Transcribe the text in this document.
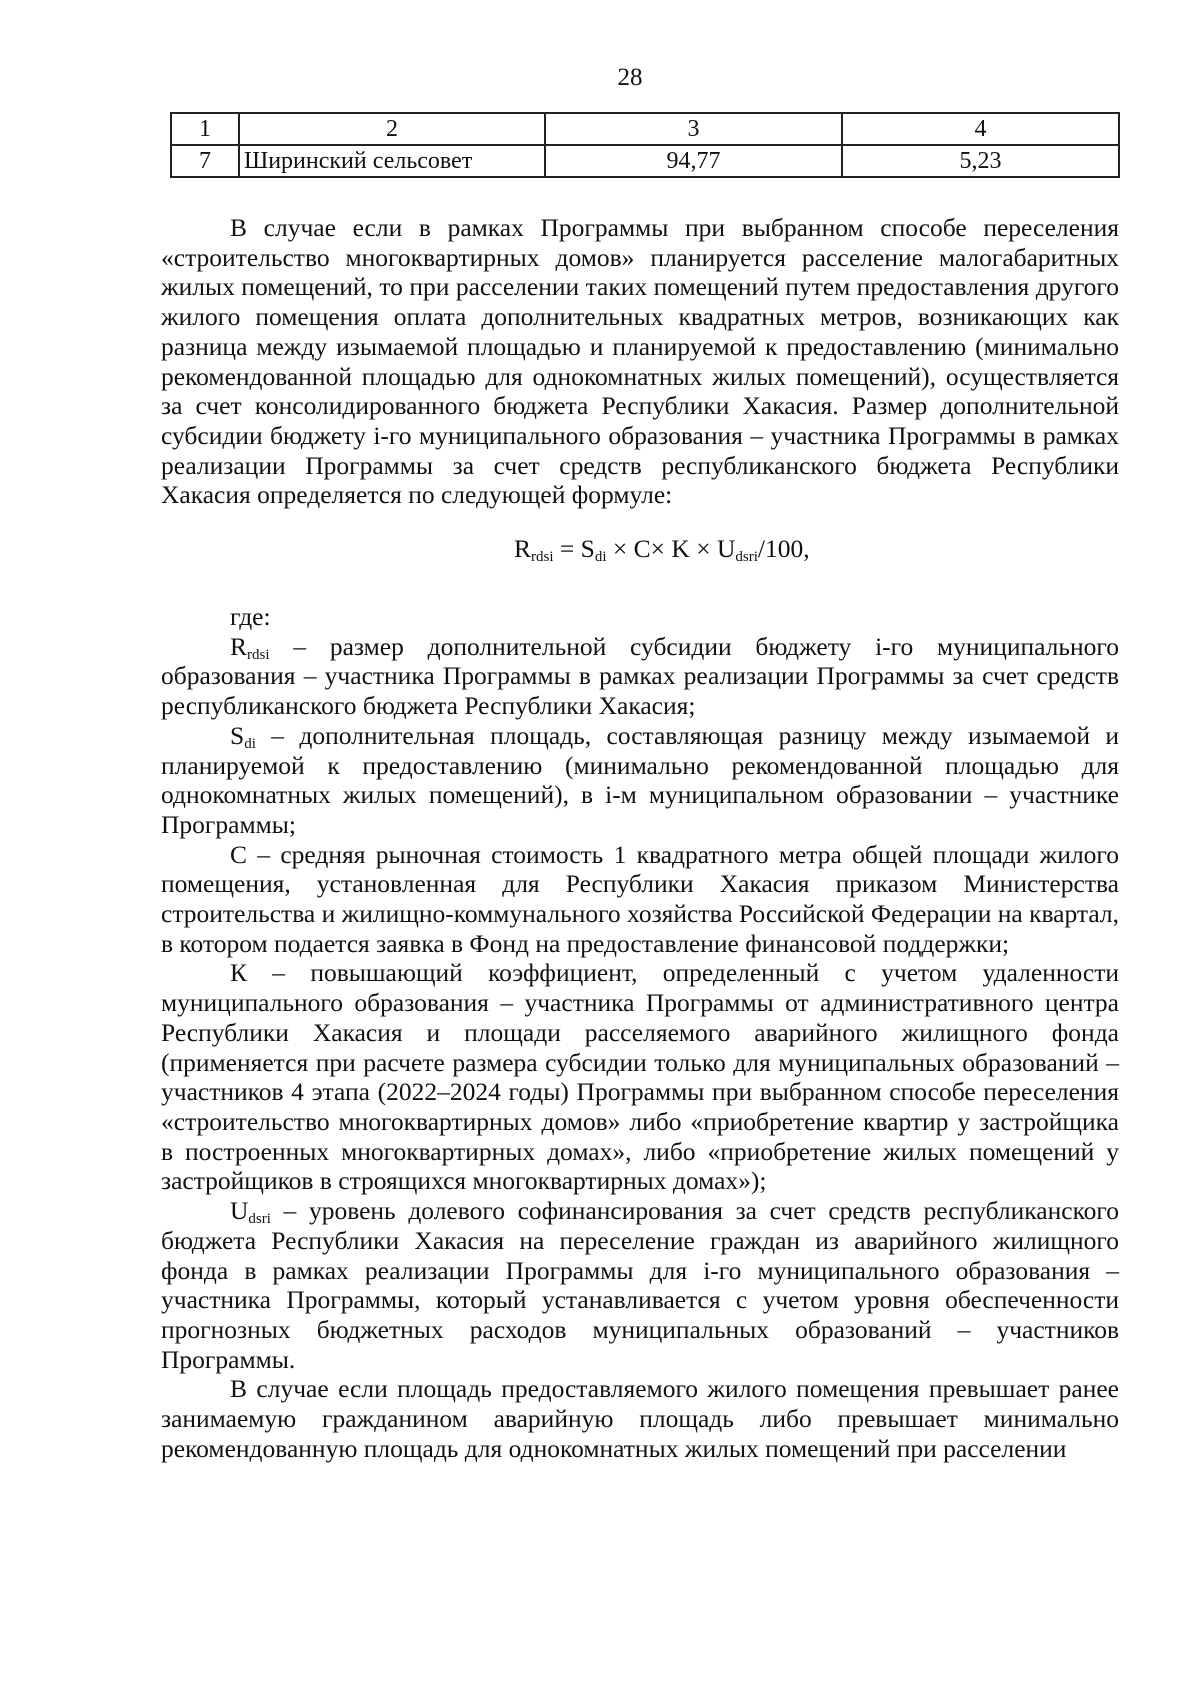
28
1	2	3	4
7	Ширинский сельсовет	94,77	5,23

В случае если в рамках Программы при выбранном способе переселения «строительство многоквартирных домов» планируется расселение малогабаритных жилых помещений, то при расселении таких помещений путем предоставления другого жилого помещения оплата дополнительных квадратных метров, возникающих как разница между изымаемой площадью и планируемой к предоставлению (минимально рекомендованной площадью для однокомнатных жилых помещений), осуществляется за счет консолидированного бюджета Республики Хакасия. Размер дополнительной субсидии бюджету i-го муниципального образования – участника Программы в рамках реализации Программы за счет средств республиканского бюджета Республики Хакасия определяется по следующей формуле:

$R_{rdsi} = S_{di} \times C\times K \times U_{dsri}/100$,

где:

$R_{rdsi}$ – размер дополнительной субсидии бюджету i-го муниципального образования – участника Программы в рамках реализации Программы за счет средств республиканского бюджета Республики Хакасия;

$S_{di}$ – дополнительная площадь, составляющая разницу между изымаемой и планируемой к предоставлению (минимально рекомендованной площадью для однокомнатных жилых помещений), в i-м муниципальном образовании – участнике Программы;

С – средняя рыночная стоимость 1 квадратного метра общей площади жилого помещения, установленная для Республики Хакасия приказом Министерства строительства и жилищно-коммунального хозяйства Российской Федерации на квартал, в котором подается заявка в Фонд на предоставление финансовой поддержки;

К – повышающий коэффициент, определенный с учетом удаленности муниципального образования – участника Программы от административного центра Республики Хакасия и площади расселяемого аварийного жилищного фонда (применяется при расчете размера субсидии только для муниципальных образований – участников 4 этапа (2022–2024 годы) Программы при выбранном способе переселения «строительство многоквартирных домов» либо «приобретение квартир у застройщика в построенных многоквартирных домах», либо «приобретение жилых помещений у застройщиков в строящихся многоквартирных домах»);

$U_{dsri}$ – уровень долевого софинансирования за счет средств республиканского бюджета Республики Хакасия на переселение граждан из аварийного жилищного фонда в рамках реализации Программы для i-го муниципального образования – участника Программы, который устанавливается с учетом уровня обеспеченности прогнозных бюджетных расходов муниципальных образований – участников Программы.

В случае если площадь предоставляемого жилого помещения превышает ранее занимаемую гражданином аварийную площадь либо превышает минимально рекомендованную площадь для однокомнатных жилых помещений при расселении
